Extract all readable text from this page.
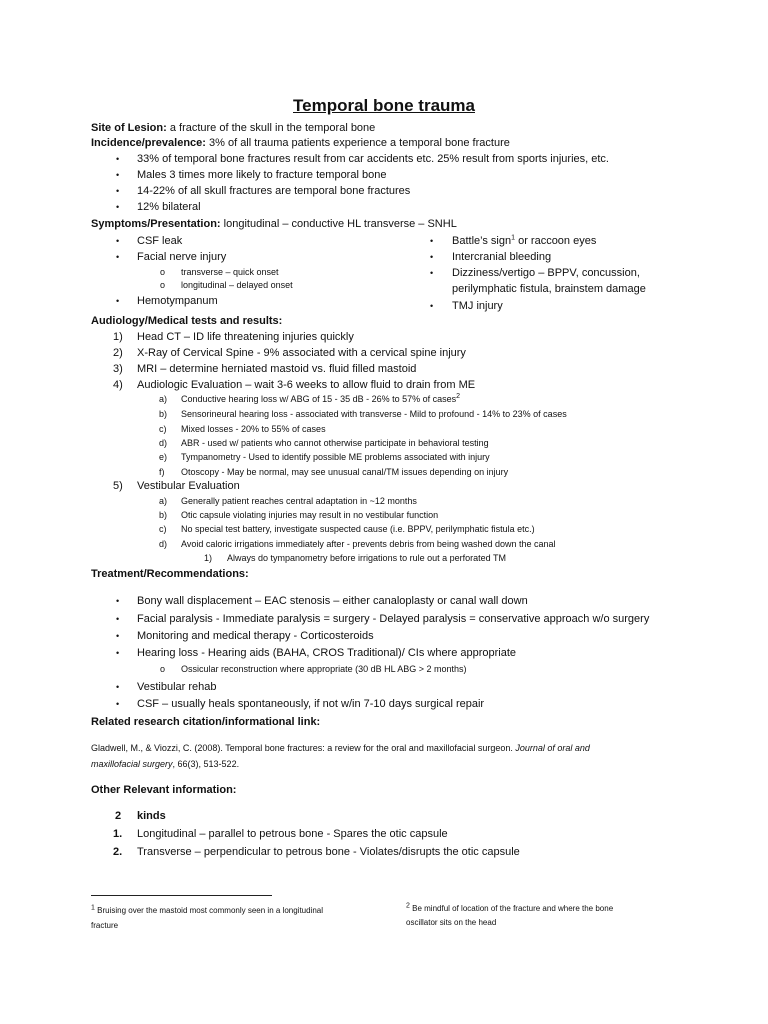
Temporal bone trauma
Site of Lesion: a fracture of the skull in the temporal bone
Incidence/prevalence: 3% of all trauma patients experience a temporal bone fracture
• 33% of temporal bone fractures result from car accidents etc. 25% result from sports injuries, etc.
• Males 3 times more likely to fracture temporal bone
• 14-22% of all skull fractures are temporal bone fractures
• 12% bilateral
Symptoms/Presentation: longitudinal – conductive HL transverse – SNHL
• CSF leak
• Facial nerve injury
o transverse – quick onset
o longitudinal – delayed onset
• Hemotympanum
• Battle’s sign$^1$ or raccoon eyes
• Intercranial bleeding
• Dizziness/vertigo – BPPV, concussion,
perilymphatic fistula, brainstem damage
• TMJ injury
Audiology/Medical tests and results:
1) Head CT – ID life threatening injuries quickly
2) X-Ray of Cervical Spine - 9% associated with a cervical spine injury
3) MRI – determine herniated mastoid vs. fluid filled mastoid
4) Audiologic Evaluation – wait 3-6 weeks to allow fluid to drain from ME
a) Conductive hearing loss w/ ABG of 15 - 35 dB - 26% to 57% of cases$^2$
b) Sensorineural hearing loss - associated with transverse - Mild to profound - 14% to 23% of cases
c) Mixed losses - 20% to 55% of cases
d) ABR - used w/ patients who cannot otherwise participate in behavioral testing
e) Tympanometry - Used to identify possible ME problems associated with injury
f) Otoscopy - May be normal, may see unusual canal/TM issues depending on injury
5) Vestibular Evaluation
a) Generally patient reaches central adaptation in ~12 months
b) Otic capsule violating injuries may result in no vestibular function
c) No special test battery, investigate suspected cause (i.e. BPPV, perilymphatic fistula etc.)
d) Avoid caloric irrigations immediately after - prevents debris from being washed down the canal
1) Always do tympanometry before irrigations to rule out a perforated TM
Treatment/Recommendations:
• Bony wall displacement – EAC stenosis – either canaloplasty or canal wall down
• Facial paralysis - Immediate paralysis = surgery - Delayed paralysis = conservative approach w/o surgery
• Monitoring and medical therapy - Corticosteroids
• Hearing loss - Hearing aids (BAHA, CROS Traditional)/ CIs where appropriate
o Ossicular reconstruction where appropriate (30 dB HL ABG > 2 months)
• Vestibular rehab
• CSF – usually heals spontaneously, if not w/in 7-10 days surgical repair
Related research citation/informational link:
Gladwell, M., & Viozzi, C. (2008). Temporal bone fractures: a review for the oral and maxillofacial surgeon. Journal of oral and
maxillofacial surgery, 66(3), 513-522.
Other Relevant information:
2 kinds
1. Longitudinal – parallel to petrous bone - Spares the otic capsule
2. Transverse – perpendicular to petrous bone - Violates/disrupts the otic capsule
$^1$ Bruising over the mastoid most commonly seen in a longitudinal
fracture
$^2$ Be mindful of location of the fracture and where the bone
oscillator sits on the head
